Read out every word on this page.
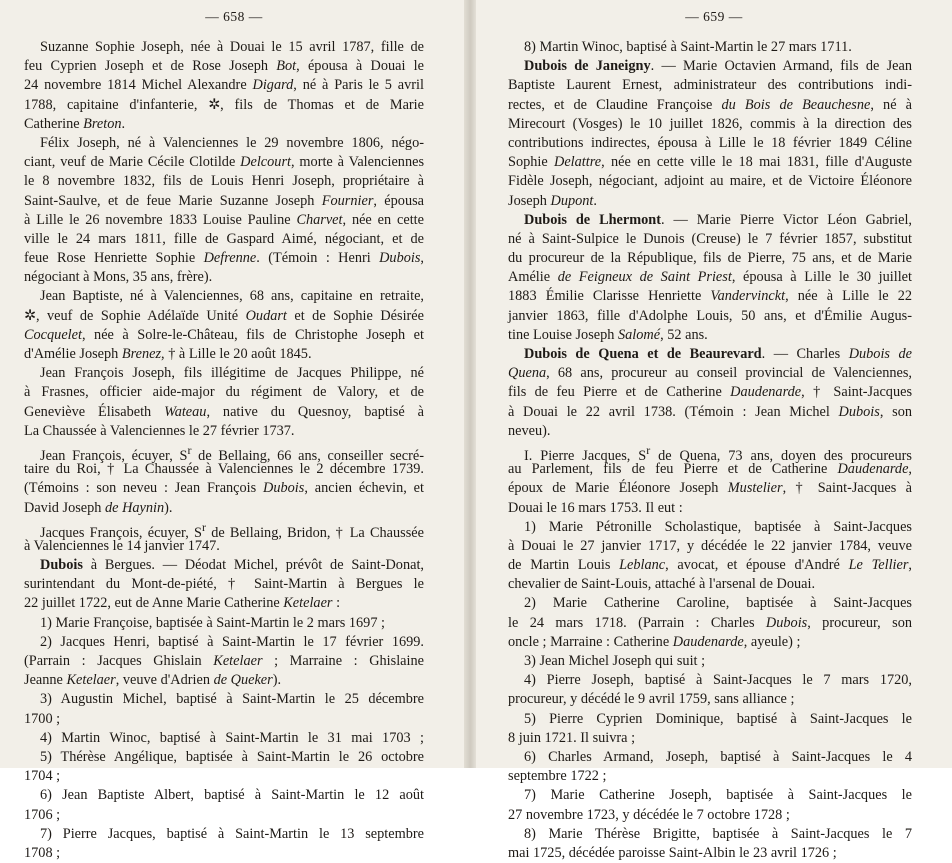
— 658 —
Suzanne Sophie Joseph, née à Douai le 15 avril 1787, fille de
feu Cyprien Joseph et de Rose Joseph Bot, épousa à Douai le
24 novembre 1814 Michel Alexandre Digard, né à Paris le 5 avril
1788, capitaine d'infanterie, ✲, fils de Thomas et de Marie
Catherine Breton.
Félix Joseph, né à Valenciennes le 29 novembre 1806, négo-
ciant, veuf de Marie Cécile Clotilde Delcourt, morte à Valenciennes
le 8 novembre 1832, fils de Louis Henri Joseph, propriétaire à
Saint-Saulve, et de feue Marie Suzanne Joseph Fournier, épousa
à Lille le 26 novembre 1833 Louise Pauline Charvet, née en cette
ville le 24 mars 1811, fille de Gaspard Aimé, négociant, et de
feue Rose Henriette Sophie Defrenne. (Témoin : Henri Dubois,
négociant à Mons, 35 ans, frère).
Jean Baptiste, né à Valenciennes, 68 ans, capitaine en retraite,
✲, veuf de Sophie Adélaïde Unité Oudart et de Sophie Désirée
Cocquelet, née à Solre-le-Château, fils de Christophe Joseph et
d'Amélie Joseph Brenez, † à Lille le 20 août 1845.
Jean François Joseph, fils illégitime de Jacques Philippe, né
à Frasnes, officier aide-major du régiment de Valory, et de
Geneviève Élisabeth Wateau, native du Quesnoy, baptisé à
La Chaussée à Valenciennes le 27 février 1737.
Jean François, écuyer, $S^r$ de Bellaing, 66 ans, conseiller secré-
taire du Roi, † La Chaussée à Valenciennes le 2 décembre 1739.
(Témoins : son neveu : Jean François Dubois, ancien échevin, et
David Joseph de Haynin).
Jacques François, écuyer, $S^r$ de Bellaing, Bridon, † La Chaussée
à Valenciennes le 14 janvier 1747.
Dubois à Bergues. — Déodat Michel, prévôt de Saint-Donat,
surintendant du Mont-de-piété, † Saint-Martin à Bergues le
22 juillet 1722, eut de Anne Marie Catherine Ketelaer :
1) Marie Françoise, baptisée à Saint-Martin le 2 mars 1697 ;
2) Jacques Henri, baptisé à Saint-Martin le 17 février 1699.
(Parrain : Jacques Ghislain Ketelaer ; Marraine : Ghislaine
Jeanne Ketelaer, veuve d'Adrien de Queker).
3) Augustin Michel, baptisé à Saint-Martin le 25 décembre
1700 ;
4) Martin Winoc, baptisé à Saint-Martin le 31 mai 1703 ;
5) Thérèse Angélique, baptisée à Saint-Martin le 26 octobre
1704 ;
6) Jean Baptiste Albert, baptisé à Saint-Martin le 12 août
1706 ;
7) Pierre Jacques, baptisé à Saint-Martin le 13 septembre
1708 ;
— 659 —
8) Martin Winoc, baptisé à Saint-Martin le 27 mars 1711.
Dubois de Janeigny. — Marie Octavien Armand, fils de Jean
Baptiste Laurent Ernest, administrateur des contributions indi-
rectes, et de Claudine Françoise du Bois de Beauchesne, né à
Mirecourt (Vosges) le 10 juillet 1826, commis à la direction des
contributions indirectes, épousa à Lille le 18 février 1849 Céline
Sophie Delattre, née en cette ville le 18 mai 1831, fille d'Auguste
Fidèle Joseph, négociant, adjoint au maire, et de Victoire Éléonore
Joseph Dupont.
Dubois de Lhermont. — Marie Pierre Victor Léon Gabriel,
né à Saint-Sulpice le Dunois (Creuse) le 7 février 1857, substitut
du procureur de la République, fils de Pierre, 75 ans, et de Marie
Amélie de Feigneux de Saint Priest, épousa à Lille le 30 juillet
1883 Émilie Clarisse Henriette Vandervinckt, née à Lille le 22
janvier 1863, fille d'Adolphe Louis, 50 ans, et d'Émilie Augus-
tine Louise Joseph Salomé, 52 ans.
Dubois de Quena et de Beaurevard. — Charles Dubois de
Quena, 68 ans, procureur au conseil provincial de Valenciennes,
fils de feu Pierre et de Catherine Daudenarde, † Saint-Jacques
à Douai le 22 avril 1738. (Témoin : Jean Michel Dubois, son
neveu).
I. Pierre Jacques, $S^r$ de Quena, 73 ans, doyen des procureurs
au Parlement, fils de feu Pierre et de Catherine Daudenarde,
époux de Marie Éléonore Joseph Mustelier, † Saint-Jacques à
Douai le 16 mars 1753. Il eut :
1) Marie Pétronille Scholastique, baptisée à Saint-Jacques
à Douai le 27 janvier 1717, y décédée le 22 janvier 1784, veuve
de Martin Louis Leblanc, avocat, et épouse d'André Le Tellier,
chevalier de Saint-Louis, attaché à l'arsenal de Douai.
2) Marie Catherine Caroline, baptisée à Saint-Jacques
le 24 mars 1718. (Parrain : Charles Dubois, procureur, son
oncle ; Marraine : Catherine Daudenarde, ayeule) ;
3) Jean Michel Joseph qui suit ;
4) Pierre Joseph, baptisé à Saint-Jacques le 7 mars 1720,
procureur, y décédé le 9 avril 1759, sans alliance ;
5) Pierre Cyprien Dominique, baptisé à Saint-Jacques le
8 juin 1721. Il suivra ;
6) Charles Armand, Joseph, baptisé à Saint-Jacques le 4
septembre 1722 ;
7) Marie Catherine Joseph, baptisée à Saint-Jacques le
27 novembre 1723, y décédée le 7 octobre 1728 ;
8) Marie Thérèse Brigitte, baptisée à Saint-Jacques le 7
mai 1725, décédée paroisse Saint-Albin le 23 avril 1726 ;
